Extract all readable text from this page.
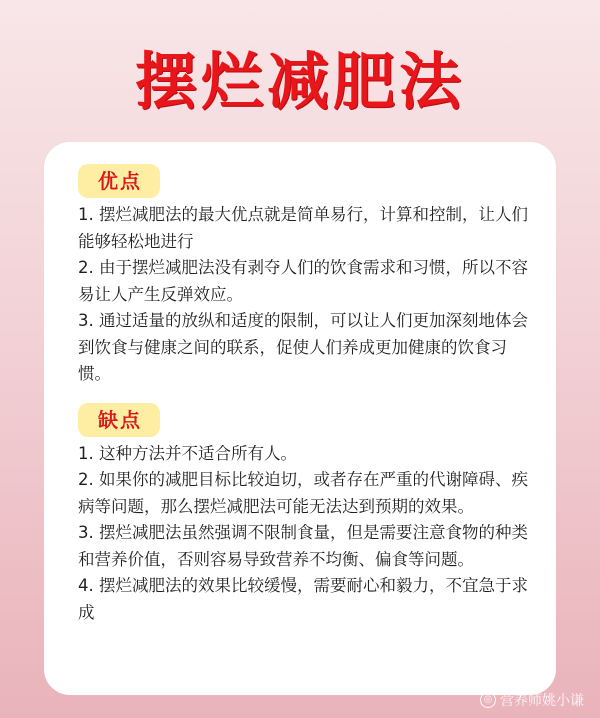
摆烂减肥法
优点

1. 摆烂减肥法的最大优点就是简单易行，计算和控制，让人们能够轻松地进行

2. 由于摆烂减肥法没有剥夺人们的饮食需求和习惯，所以不容易让人产生反弹效应。

3. 通过适量的放纵和适度的限制，可以让人们更加深刻地体会到饮食与健康之间的联系，促使人们养成更加健康的饮食习惯。

缺点

1. 这种方法并不适合所有人。

2. 如果你的减肥目标比较迫切，或者存在严重的代谢障碍、疾病等问题，那么摆烂减肥法可能无法达到预期的效果。

3. 摆烂减肥法虽然强调不限制食量，但是需要注意食物的种类和营养价值，否则容易导致营养不均衡、偏食等问题。

4. 摆烂减肥法的效果比较缓慢，需要耐心和毅力，不宜急于求成

◎ 营养师姚小谦
